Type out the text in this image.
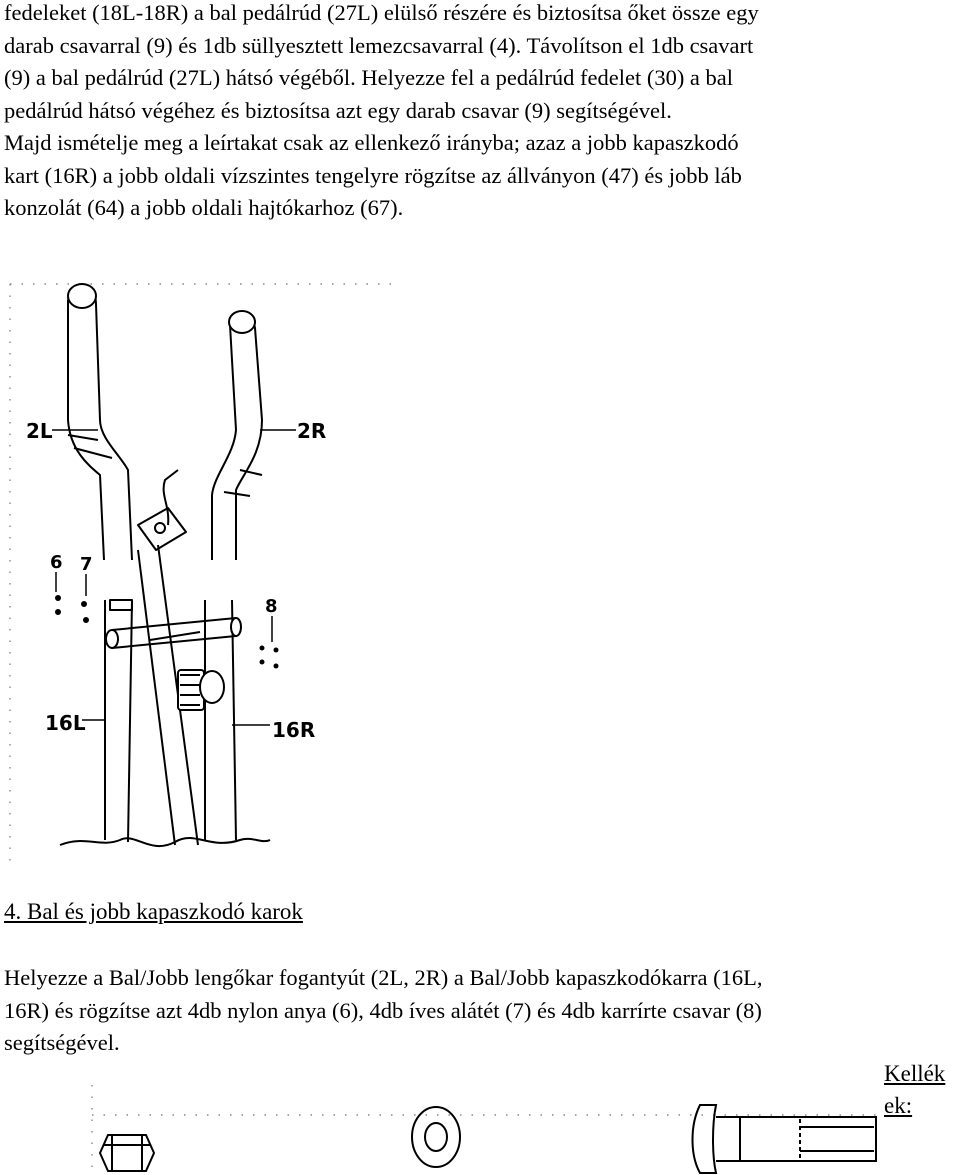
fedeleket (18L-18R) a bal pedálrúd (27L) elülső részére és biztosítsa őket össze egy
darab csavarral (9) és 1db süllyesztett lemezcsavarral (4). Távolítson el 1db csavart
(9) a bal pedálrúd (27L) hátsó végéből. Helyezze fel a pedálrúd fedelet (30) a bal
pedálrúd hátsó végéhez és biztosítsa azt egy darab csavar (9) segítségével.
Majd ismételje meg a leírtakat csak az ellenkező irányba; azaz a jobb kapaszkodó
kart (16R) a jobb oldali vízszintes tengelyre rögzítse az állványon (47) és jobb láb
konzolát (64) a jobb oldali hajtókarhoz (67).
2L	2R
6 7
8
16L	16R
4. Bal és jobb kapaszkodó karok
Helyezze a Bal/Jobb lengőkar fogantyút (2L, 2R) a Bal/Jobb kapaszkodókarra (16L,
16R) és rögzítse azt 4db nylon anya (6), 4db íves alátét (7) és 4db karrírte csavar (8)
segítségével.
Kellék
ek:
